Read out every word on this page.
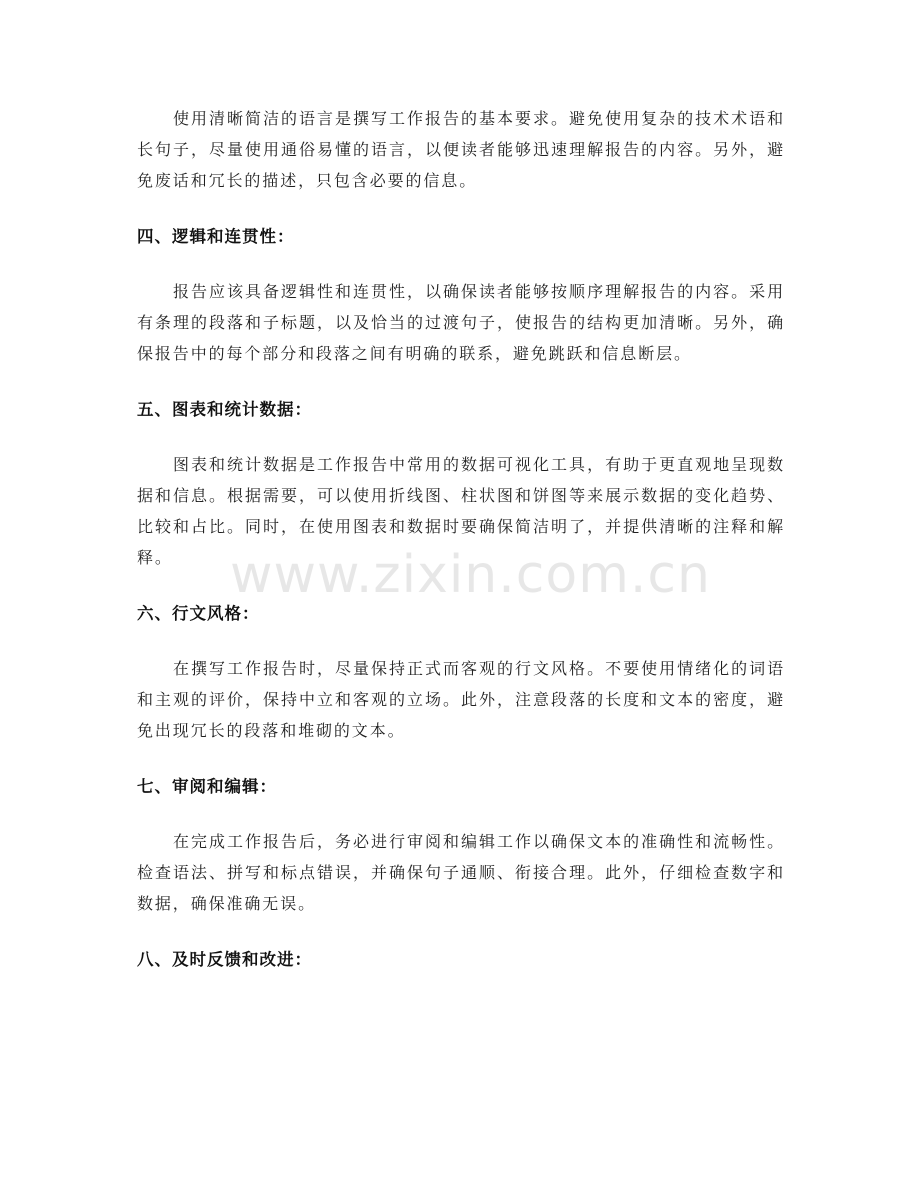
使用清晰简洁的语言是撰写工作报告的基本要求。避免使用复杂的技术术语和长句子，尽量使用通俗易懂的语言，以便读者能够迅速理解报告的内容。另外，避免废话和冗长的描述，只包含必要的信息。

四、逻辑和连贯性：

报告应该具备逻辑性和连贯性，以确保读者能够按顺序理解报告的内容。采用有条理的段落和子标题，以及恰当的过渡句子，使报告的结构更加清晰。另外，确保报告中的每个部分和段落之间有明确的联系，避免跳跃和信息断层。

五、图表和统计数据：

图表和统计数据是工作报告中常用的数据可视化工具，有助于更直观地呈现数据和信息。根据需要，可以使用折线图、柱状图和饼图等来展示数据的变化趋势、比较和占比。同时，在使用图表和数据时要确保简洁明了，并提供清晰的注释和解释。

六、行文风格：

在撰写工作报告时，尽量保持正式而客观的行文风格。不要使用情绪化的词语和主观的评价，保持中立和客观的立场。此外，注意段落的长度和文本的密度，避免出现冗长的段落和堆砌的文本。

七、审阅和编辑：

在完成工作报告后，务必进行审阅和编辑工作以确保文本的准确性和流畅性。检查语法、拼写和标点错误，并确保句子通顺、衔接合理。此外，仔细检查数字和数据，确保准确无误。

八、及时反馈和改进：
www.zixin.com.cn
